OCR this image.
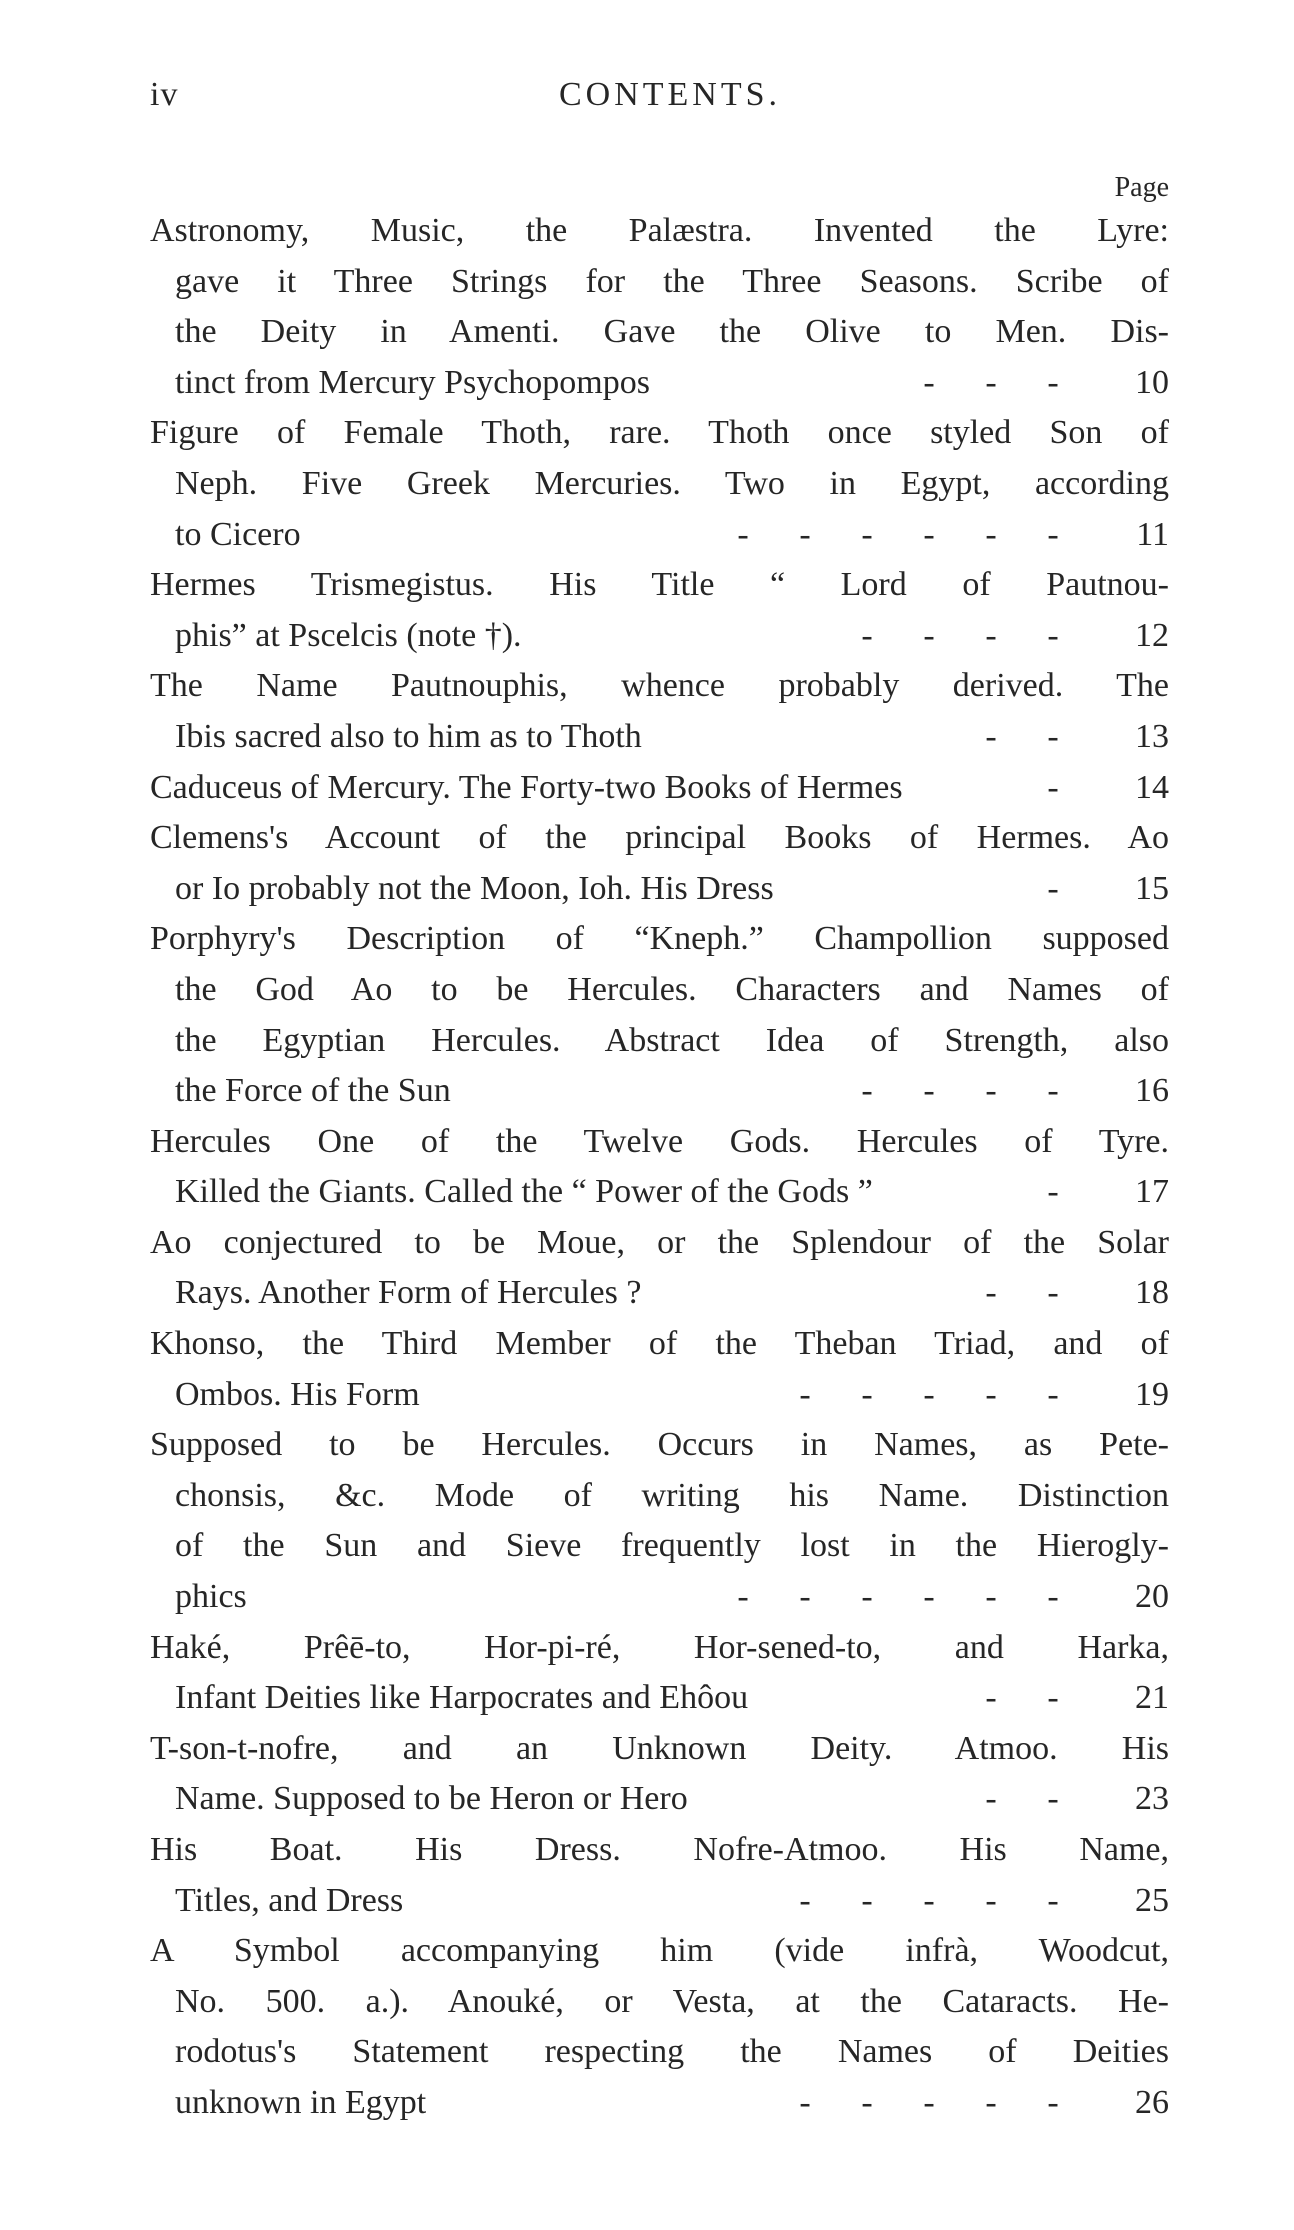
iv	CONTENTS.
Page
Astronomy, Music, the Palæstra. Invented the Lyre:
gave it Three Strings for the Three Seasons. Scribe of
the Deity in Amenti. Gave the Olive to Men. Dis-
tinct from Mercury Psychopompos	- - -	10
Figure of Female Thoth, rare. Thoth once styled Son of
Neph. Five Greek Mercuries. Two in Egypt, according
to Cicero	- - - - - -	11
Hermes Trismegistus. His Title “ Lord of Pautnou-
phis” at Pscelcis (note †).	- - - -	12
The Name Pautnouphis, whence probably derived. The
Ibis sacred also to him as to Thoth	- -	13
Caduceus of Mercury. The Forty-two Books of Hermes	-	14
Clemens's Account of the principal Books of Hermes. Ao
or Io probably not the Moon, Ioh. His Dress	-	15
Porphyry's Description of “Kneph.” Champollion supposed
the God Ao to be Hercules. Characters and Names of
the Egyptian Hercules. Abstract Idea of Strength, also
the Force of the Sun	- - - -	16
Hercules One of the Twelve Gods. Hercules of Tyre.
Killed the Giants. Called the “ Power of the Gods ”	-	17
Ao conjectured to be Moue, or the Splendour of the Solar
Rays. Another Form of Hercules ?	- -	18
Khonso, the Third Member of the Theban Triad, and of
Ombos. His Form	- - - - -	19
Supposed to be Hercules. Occurs in Names, as Pete-
chonsis, &c. Mode of writing his Name. Distinction
of the Sun and Sieve frequently lost in the Hierogly-
phics	- - - - - -	20
Haké, Prêē-to, Hor-pi-ré, Hor-sened-to, and Harka,
Infant Deities like Harpocrates and Ehôou	- -	21
T-son-t-nofre, and an Unknown Deity. Atmoo. His
Name. Supposed to be Heron or Hero	- -	23
His Boat. His Dress. Nofre-Atmoo. His Name,
Titles, and Dress	- - - - -	25
A Symbol accompanying him (vide infrà, Woodcut,
No. 500. a.). Anouké, or Vesta, at the Cataracts. He-
rodotus's Statement respecting the Names of Deities
unknown in Egypt	- - - - -	26
